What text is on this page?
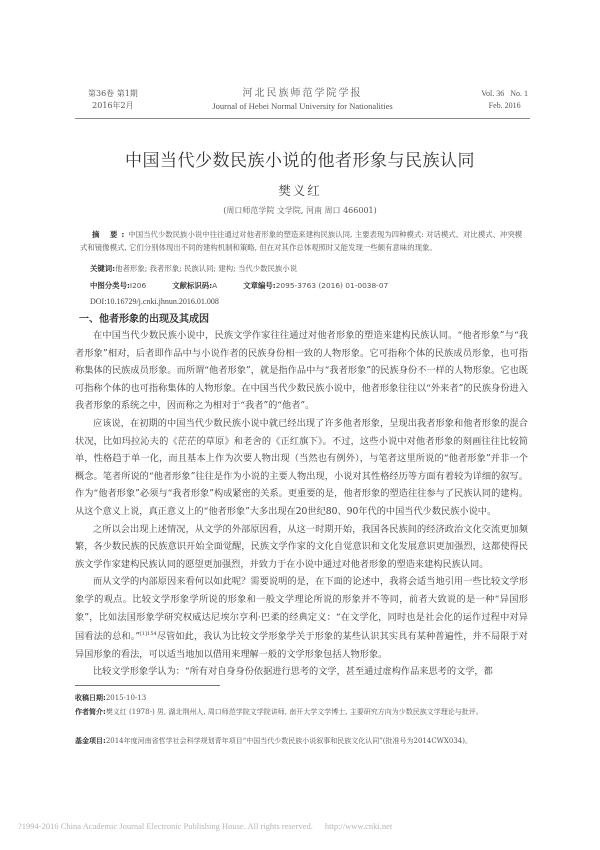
第36卷 第1期
2016年2月
河北民族师范学院学报
Journal of Hebei Normal University for Nationalities
Vol. 36   No. 1
Feb. 2016
中国当代少数民族小说的他者形象与民族认同
樊义红
(周口师范学院 文学院, 河南 周口 466001)
摘 要:中国当代少数民族小说中往往通过对他者形象的塑造来建构民族认同, 主要表现为四种模式: 对话模式、对比模式、冲突模式和镜像模式, 它们分别体现出不同的建构机制和策略, 但在对其作总体观照时又能发现一些颇有意味的现象。
关键词:他者形象; 我者形象; 民族认同; 建构; 当代少数民族小说
中图分类号:I206	文献标识码:A	文章编号:2095-3763 (2016) 01-0038-07
DOI:10.16729/j.cnki.jhnun.2016.01.008
一、他者形象的出现及其成因

在中国当代少数民族小说中，民族文学作家往往通过对他者形象的塑造来建构民族认同。“他者形象”与“我者形象”相对，后者即作品中与小说作者的民族身份相一致的人物形象。它可指称个体的民族成员形象，也可指称集体的民族成员形象。而所谓“他者形象”，就是指作品中与“我者形象”的民族身份不一样的人物形象。它也既可指称个体的也可指称集体的人物形象。在中国当代少数民族小说中，他者形象往往以“外来者”的民族身份进入我者形象的系统之中，因而称之为相对于“我者”的“他者”。

应该说，在初期的中国当代少数民族小说中就已经出现了许多他者形象，呈现出我者形象和他者形象的混合状况，比如玛拉沁夫的《茫茫的草原》和老舍的《正红旗下》。不过，这些小说中对他者形象的刻画往往比较简单，性格趋于单一化，而且基本上作为次要人物出现（当然也有例外），与笔者这里所说的“他者形象”并非一个概念。笔者所说的“他者形象”往往是作为小说的主要人物出现，小说对其性格经历等方面有着较为详细的叙写。作为“他者形象”必须与“我者形象”构成紧密的关系。更重要的是，他者形象的塑造往往参与了民族认同的建构。从这个意义上说，真正意义上的“他者形象”大多出现在20世纪80、90年代的中国当代少数民族小说中。

之所以会出现上述情况，从文学的外部原因看，从这一时期开始，我国各民族间的经济政治文化交流更加频繁，各少数民族的民族意识开始全面觉醒，民族文学作家的文化自觉意识和文化发展意识更加强烈，这都使得民族文学作家建构民族认同的愿望更加强烈，并致力于在小说中通过对他者形象的塑造来建构民族认同。

而从文学的内部原因来看何以如此呢？需要说明的是，在下面的论述中，我将会适当地引用一些比较文学形象学的观点。比较文学形象学所说的形象和一般文学理论所说的形象并不等同，前者大致说的是一种“异国形象”，比如法国形象学研究权威达尼埃尔亨利·巴柔的经典定义：“在文学化，同时也是社会化的运作过程中对异国看法的总和。”$^{[1]154}$尽管如此，我认为比较文学形象学关于形象的某些认识其实具有某种普遍性，并不局限于对异国形象的看法，可以适当地加以借用来理解一般的文学形象包括人物形象。

比较文学形象学认为：“所有对自身身份依据进行思考的文学，甚至通过虚构作品来思考的文学，都

收稿日期:2015-10-13
作者简介:樊义红 (1978-) 男, 湖北荆州人, 周口师范学院文学院讲师, 南开大学文学博士, 主要研究方向为少数民族文学理论与批评。
基金项目:2014年度河南省哲学社会科学规划青年项目“中国当代少数民族小说叙事和民族文化认同”(批准号为2014CWX034)。
?1994-2016 China Academic Journal Electronic Publishing House. All rights reserved. http://www.cnki.net
